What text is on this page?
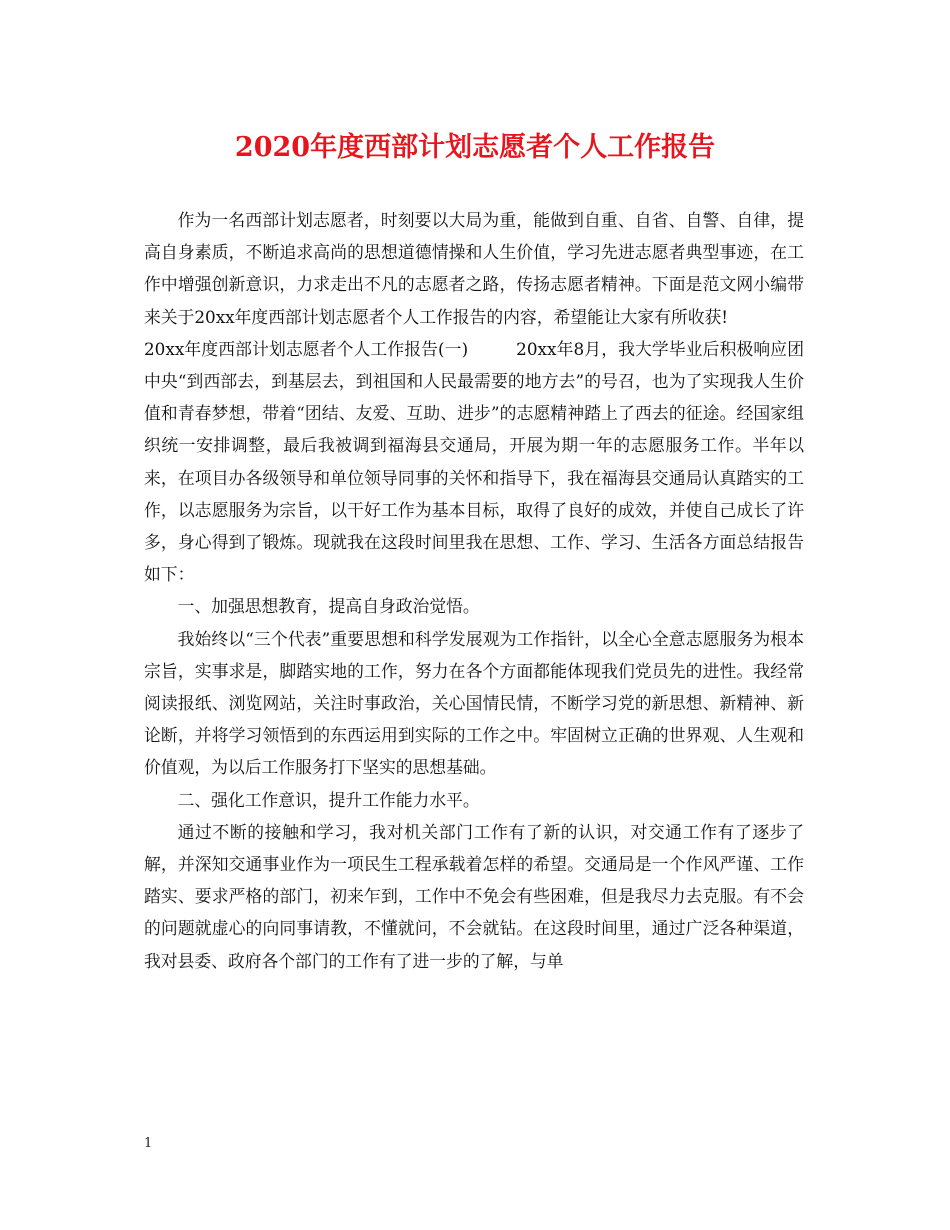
2020年度西部计划志愿者个人工作报告

作为一名西部计划志愿者，时刻要以大局为重，能做到自重、自省、自警、自律，提高自身素质，不断追求高尚的思想道德情操和人生价值，学习先进志愿者典型事迹，在工作中增强创新意识，力求走出不凡的志愿者之路，传扬志愿者精神。下面是范文网小编带来关于20xx年度西部计划志愿者个人工作报告的内容，希望能让大家有所收获!

20xx年度西部计划志愿者个人工作报告(一)	20xx年8月，我大学毕业后积极响应团中央“到西部去，到基层去，到祖国和人民最需要的地方去”的号召，也为了实现我人生价值和青春梦想，带着“团结、友爱、互助、进步”的志愿精神踏上了西去的征途。经国家组织统一安排调整，最后我被调到福海县交通局，开展为期一年的志愿服务工作。半年以来，在项目办各级领导和单位领导同事的关怀和指导下，我在福海县交通局认真踏实的工作，以志愿服务为宗旨，以干好工作为基本目标，取得了良好的成效，并使自己成长了许多，身心得到了锻炼。现就我在这段时间里我在思想、工作、学习、生活各方面总结报告如下：

一、加强思想教育，提高自身政治觉悟。

我始终以“三个代表”重要思想和科学发展观为工作指针，以全心全意志愿服务为根本宗旨，实事求是，脚踏实地的工作，努力在各个方面都能体现我们党员先的进性。我经常阅读报纸、浏览网站，关注时事政治，关心国情民情，不断学习党的新思想、新精神、新论断，并将学习领悟到的东西运用到实际的工作之中。牢固树立正确的世界观、人生观和价值观，为以后工作服务打下坚实的思想基础。

二、强化工作意识，提升工作能力水平。

通过不断的接触和学习，我对机关部门工作有了新的认识，对交通工作有了逐步了解，并深知交通事业作为一项民生工程承载着怎样的希望。交通局是一个作风严谨、工作踏实、要求严格的部门，初来乍到，工作中不免会有些困难，但是我尽力去克服。有不会的问题就虚心的向同事请教，不懂就问，不会就钻。在这段时间里，通过广泛各种渠道，我对县委、政府各个部门的工作有了进一步的了解，与单

1
